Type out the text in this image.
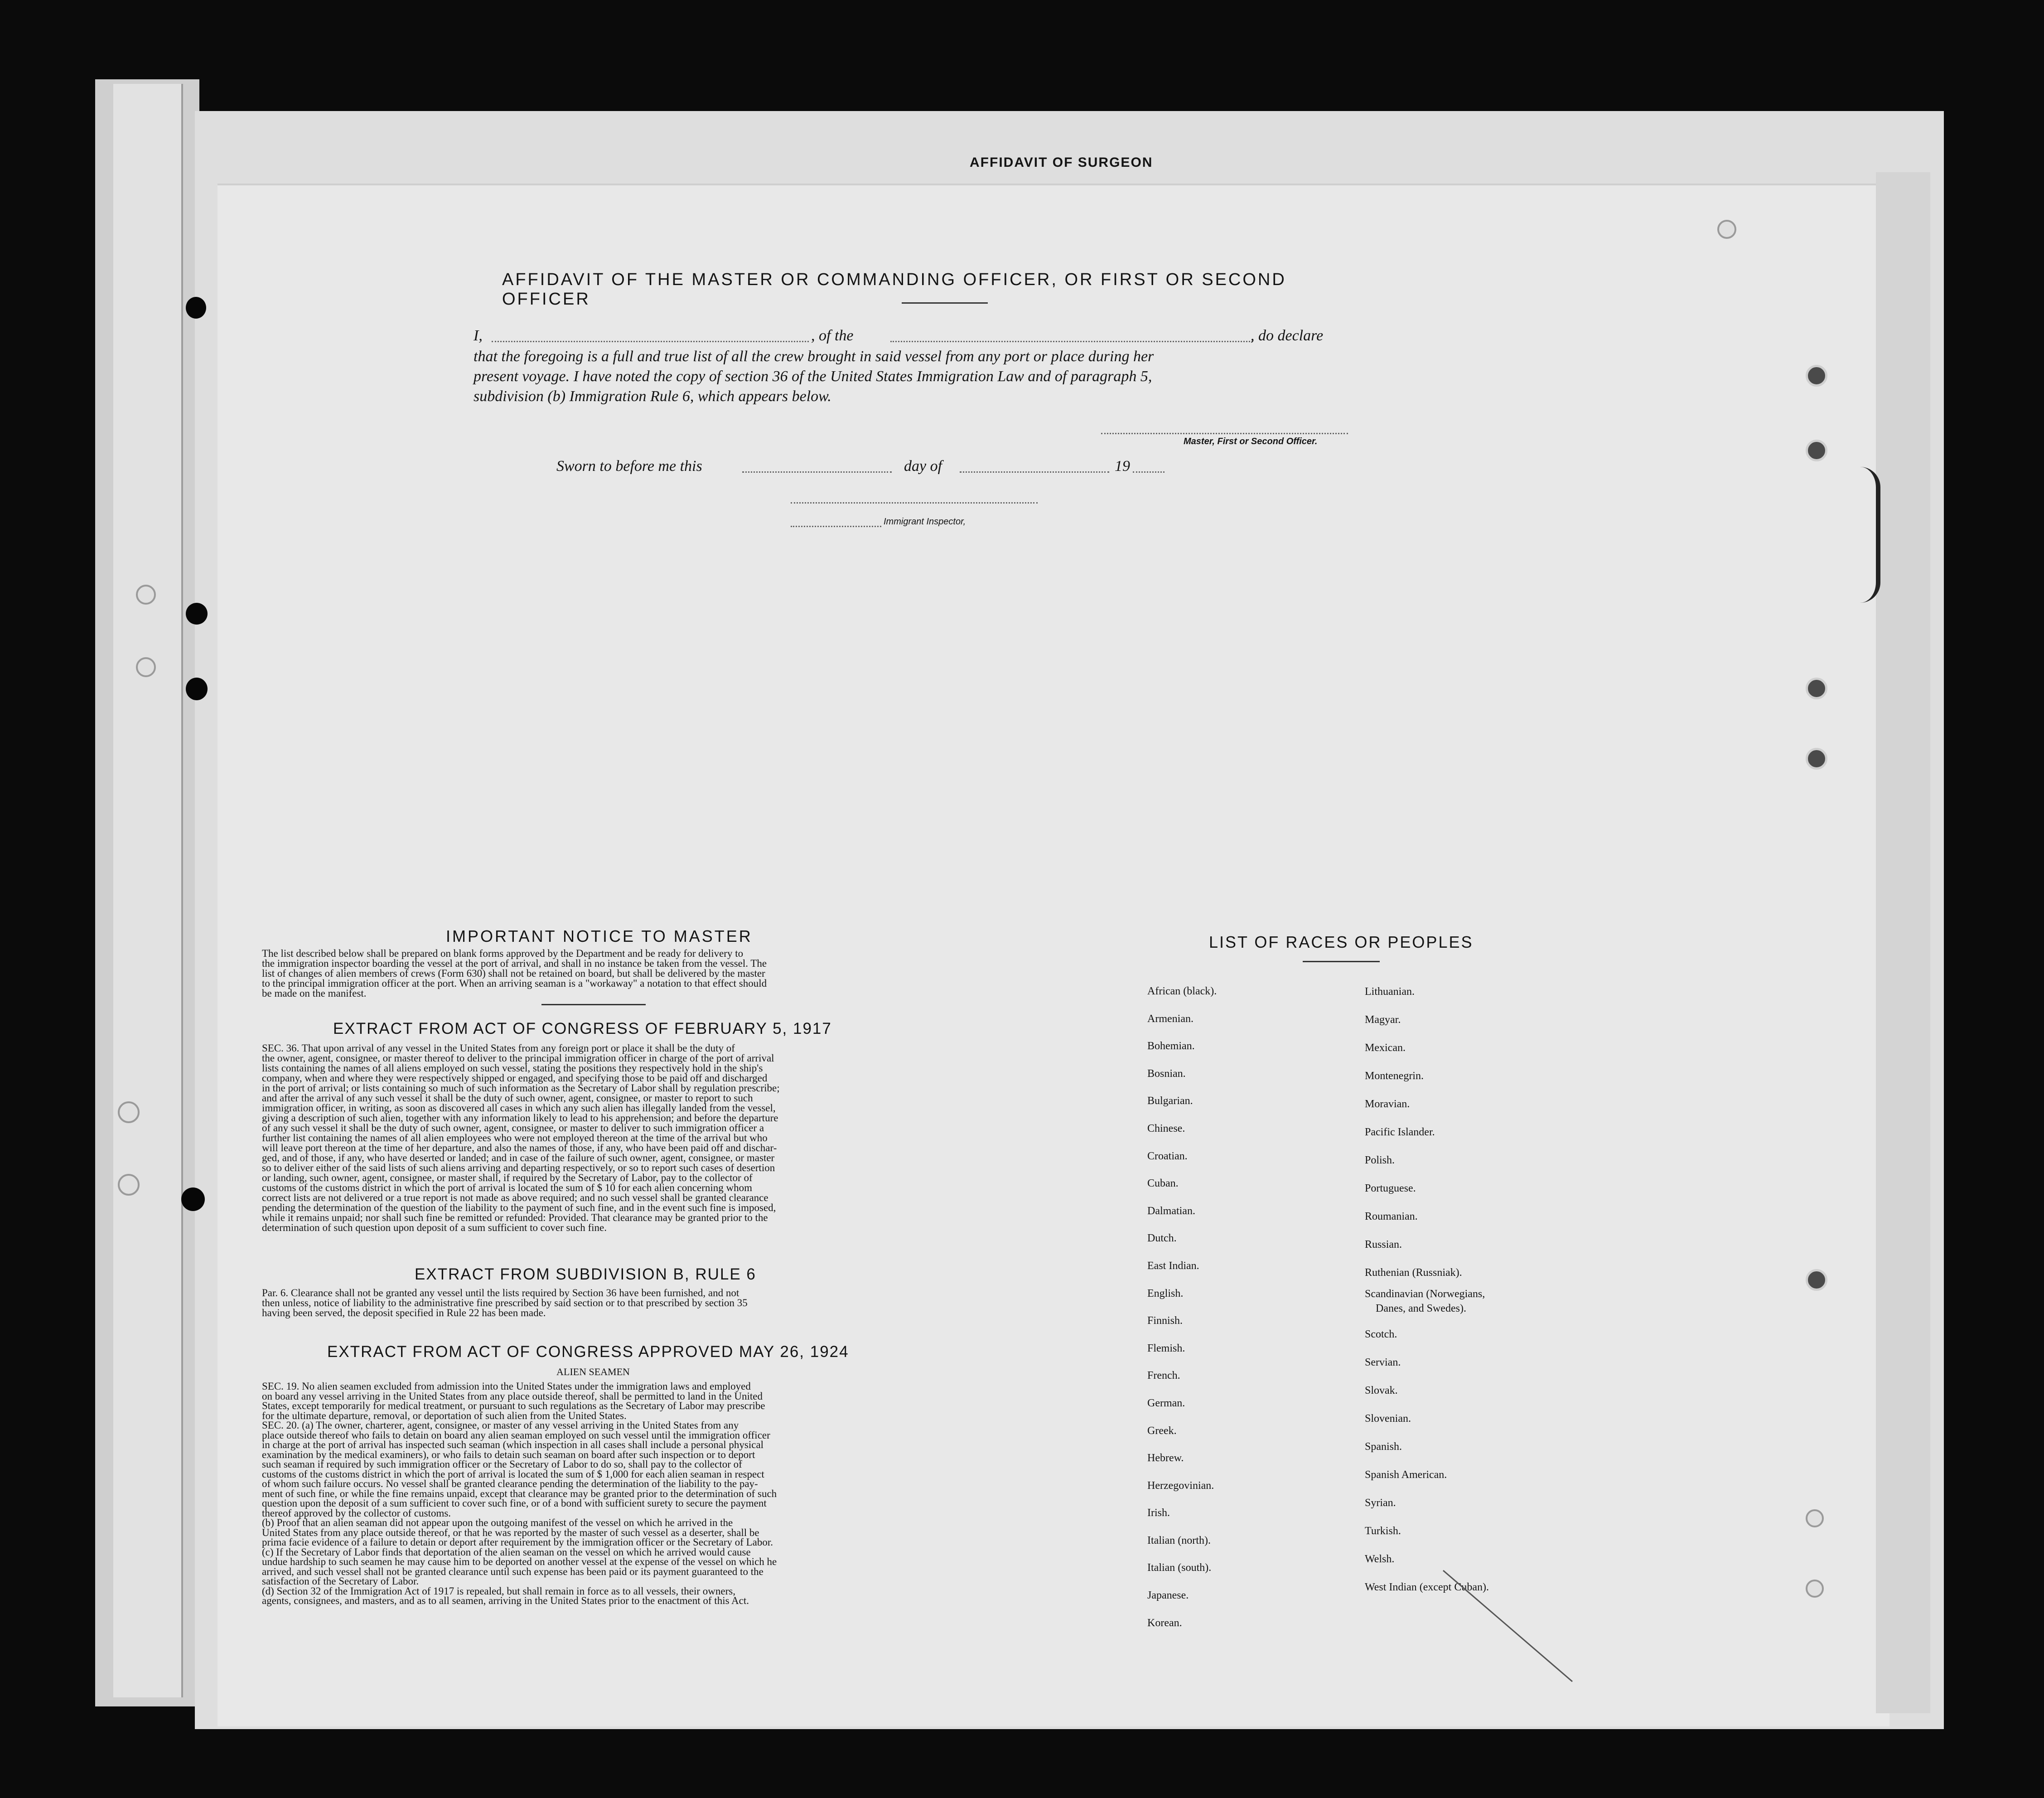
AFFIDAVIT OF SURGEON
AFFIDAVIT OF THE MASTER OR COMMANDING OFFICER, OR FIRST OR SECOND OFFICER
I,	, of the	, do declare
that the foregoing is a full and true list of all the crew brought in said vessel from any port or place during her
present voyage. I have noted the copy of section 36 of the United States Immigration Law and of paragraph 5,
subdivision (b) Immigration Rule 6, which appears below.
Master, First or Second Officer.
Sworn to before me this	day of	19
Immigrant Inspector,
IMPORTANT NOTICE TO MASTER
The list described below shall be prepared on blank forms approved by the Department and be ready for delivery to
the immigration inspector boarding the vessel at the port of arrival, and shall in no instance be taken from the vessel. The
list of changes of alien members of crews (Form 630) shall not be retained on board, but shall be delivered by the master
to the principal immigration officer at the port. When an arriving seaman is a "workaway" a notation to that effect should
be made on the manifest.
EXTRACT FROM ACT OF CONGRESS OF FEBRUARY 5, 1917
SEC. 36. That upon arrival of any vessel in the United States from any foreign port or place it shall be the duty of
the owner, agent, consignee, or master thereof to deliver to the principal immigration officer in charge of the port of arrival
lists containing the names of all aliens employed on such vessel, stating the positions they respectively hold in the ship's
company, when and where they were respectively shipped or engaged, and specifying those to be paid off and discharged
in the port of arrival; or lists containing so much of such information as the Secretary of Labor shall by regulation prescribe;
and after the arrival of any such vessel it shall be the duty of such owner, agent, consignee, or master to report to such
immigration officer, in writing, as soon as discovered all cases in which any such alien has illegally landed from the vessel,
giving a description of such alien, together with any information likely to lead to his apprehension; and before the departure
of any such vessel it shall be the duty of such owner, agent, consignee, or master to deliver to such immigration officer a
further list containing the names of all alien employees who were not employed thereon at the time of the arrival but who
will leave port thereon at the time of her departure, and also the names of those, if any, who have been paid off and dischar-
ged, and of those, if any, who have deserted or landed; and in case of the failure of such owner, agent, consignee, or master
so to deliver either of the said lists of such aliens arriving and departing respectively, or so to report such cases of desertion
or landing, such owner, agent, consignee, or master shall, if required by the Secretary of Labor, pay to the collector of
customs of the customs district in which the port of arrival is located the sum of $ 10 for each alien concerning whom
correct lists are not delivered or a true report is not made as above required; and no such vessel shall be granted clearance
pending the determination of the question of the liability to the payment of such fine, and in the event such fine is imposed,
while it remains unpaid; nor shall such fine be remitted or refunded: Provided. That clearance may be granted prior to the
determination of such question upon deposit of a sum sufficient to cover such fine.
EXTRACT FROM SUBDIVISION B, RULE 6
Par. 6. Clearance shall not be granted any vessel until the lists required by Section 36 have been furnished, and not
then unless, notice of liability to the administrative fine prescribed by said section or to that prescribed by section 35
having been served, the deposit specified in Rule 22 has been made.
EXTRACT FROM ACT OF CONGRESS APPROVED MAY 26, 1924
ALIEN SEAMEN
SEC. 19. No alien seamen excluded from admission into the United States under the immigration laws and employed
on board any vessel arriving in the United States from any place outside thereof, shall be permitted to land in the United
States, except temporarily for medical treatment, or pursuant to such regulations as the Secretary of Labor may prescribe
for the ultimate departure, removal, or deportation of such alien from the United States.
SEC. 20. (a) The owner, charterer, agent, consignee, or master of any vessel arriving in the United States from any
place outside thereof who fails to detain on board any alien seaman employed on such vessel until the immigration officer
in charge at the port of arrival has inspected such seaman (which inspection in all cases shall include a personal physical
examination by the medical examiners), or who fails to detain such seaman on board after such inspection or to deport
such seaman if required by such immigration officer or the Secretary of Labor to do so, shall pay to the collector of
customs of the customs district in which the port of arrival is located the sum of $ 1,000 for each alien seaman in respect
of whom such failure occurs. No vessel shall be granted clearance pending the determination of the liability to the pay-
ment of such fine, or while the fine remains unpaid, except that clearance may be granted prior to the determination of such
question upon the deposit of a sum sufficient to cover such fine, or of a bond with sufficient surety to secure the payment
thereof approved by the collector of customs.
(b) Proof that an alien seaman did not appear upon the outgoing manifest of the vessel on which he arrived in the
United States from any place outside thereof, or that he was reported by the master of such vessel as a deserter, shall be
prima facie evidence of a failure to detain or deport after requirement by the immigration officer or the Secretary of Labor.
(c) If the Secretary of Labor finds that deportation of the alien seaman on the vessel on which he arrived would cause
undue hardship to such seamen he may cause him to be deported on another vessel at the expense of the vessel on which he
arrived, and such vessel shall not be granted clearance until such expense has been paid or its payment guaranteed to the
satisfaction of the Secretary of Labor.
(d) Section 32 of the Immigration Act of 1917 is repealed, but shall remain in force as to all vessels, their owners,
agents, consignees, and masters, and as to all seamen, arriving in the United States prior to the enactment of this Act.
LIST OF RACES OR PEOPLES
African (black).
Armenian.
Bohemian.
Bosnian.
Bulgarian.
Chinese.
Croatian.
Cuban.
Dalmatian.
Dutch.
East Indian.
English.
Finnish.
Flemish.
French.
German.
Greek.
Hebrew.
Herzegovinian.
Irish.
Italian (north).
Italian (south).
Japanese.
Korean.
Lithuanian.
Magyar.
Mexican.
Montenegrin.
Moravian.
Pacific Islander.
Polish.
Portuguese.
Roumanian.
Russian.
Ruthenian (Russniak).
Scandinavian (Norwegians,
Danes, and Swedes).
Scotch.
Servian.
Slovak.
Slovenian.
Spanish.
Spanish American.
Syrian.
Turkish.
Welsh.
West Indian (except Cuban).
